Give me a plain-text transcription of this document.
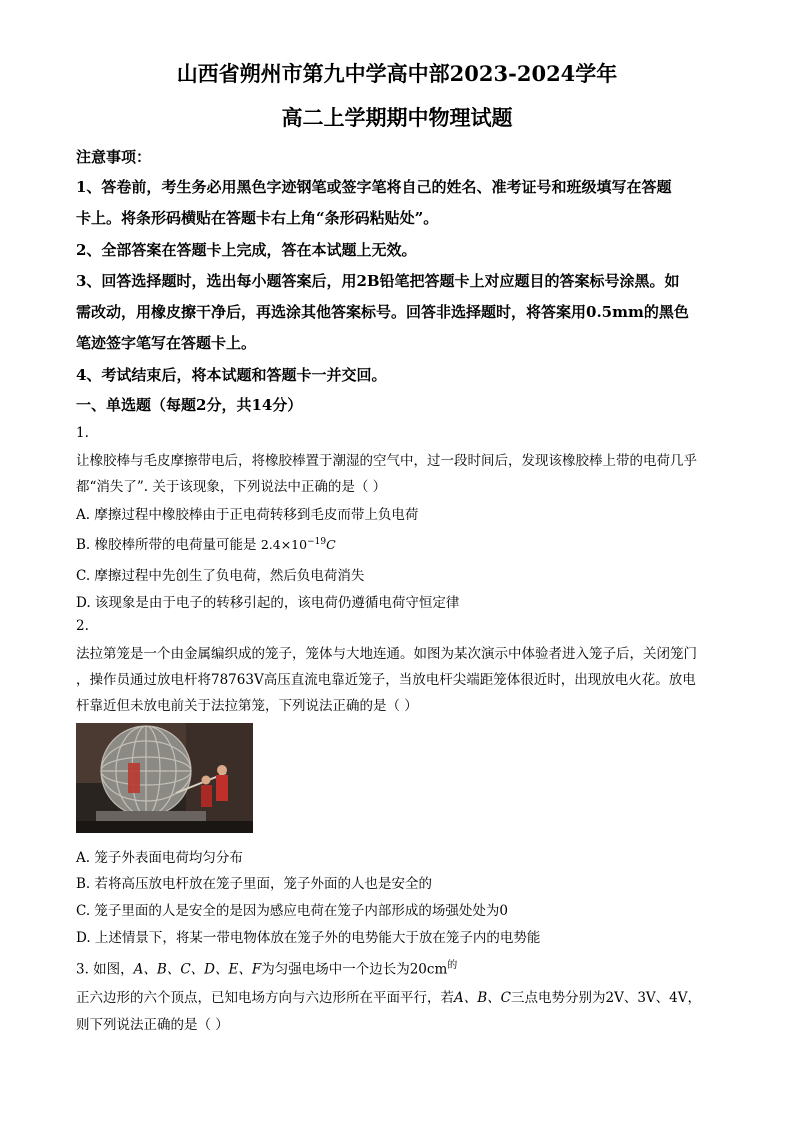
山西省朔州市第九中学高中部2023-2024学年
高二上学期期中物理试题
注意事项：
1、答卷前，考生务必用黑色字迹钢笔或签字笔将自己的姓名、准考证号和班级填写在答题
卡上。将条形码横贴在答题卡右上角“条形码粘贴处”。
2、全部答案在答题卡上完成，答在本试题上无效。
3、回答选择题时，选出每小题答案后，用2B铅笔把答题卡上对应题目的答案标号涂黑。如
需改动，用橡皮擦干净后，再选涂其他答案标号。回答非选择题时，将答案用0.5mm的黑色
笔迹签字笔写在答题卡上。
4、考试结束后，将本试题和答题卡一并交回。
一、单选题（每题2分，共14分）
1.
让橡胶棒与毛皮摩擦带电后，将橡胶棒置于潮湿的空气中，过一段时间后，发现该橡胶棒上带的电荷几乎
都“消失了”. 关于该现象，下列说法中正确的是（ ）
A. 摩擦过程中橡胶棒由于正电荷转移到毛皮而带上负电荷
B. 橡胶棒所带的电荷量可能是 $2.4\times 10^{-19}C$
C. 摩擦过程中先创生了负电荷，然后负电荷消失
D. 该现象是由于电子的转移引起的，该电荷仍遵循电荷守恒定律
2.
法拉第笼是一个由金属编织成的笼子，笼体与大地连通。如图为某次演示中体验者进入笼子后，关闭笼门
，操作员通过放电杆将78763V高压直流电靠近笼子，当放电杆尖端距笼体很近时，出现放电火花。放电
杆靠近但未放电前关于法拉第笼，下列说法正确的是（ ）
A. 笼子外表面电荷均匀分布
B. 若将高压放电杆放在笼子里面，笼子外面的人也是安全的
C. 笼子里面的人是安全的是因为感应电荷在笼子内部形成的场强处处为0
D. 上述情景下，将某一带电物体放在笼子外的电势能大于放在笼子内的电势能
3. 如图，A、B、C、D、E、F为匀强电场中一个边长为$20cm^的$
正六边形的六个顶点，已知电场方向与六边形所在平面平行，若A、B、C三点电势分别为2V、3V、4V，
则下列说法正确的是（ ）
